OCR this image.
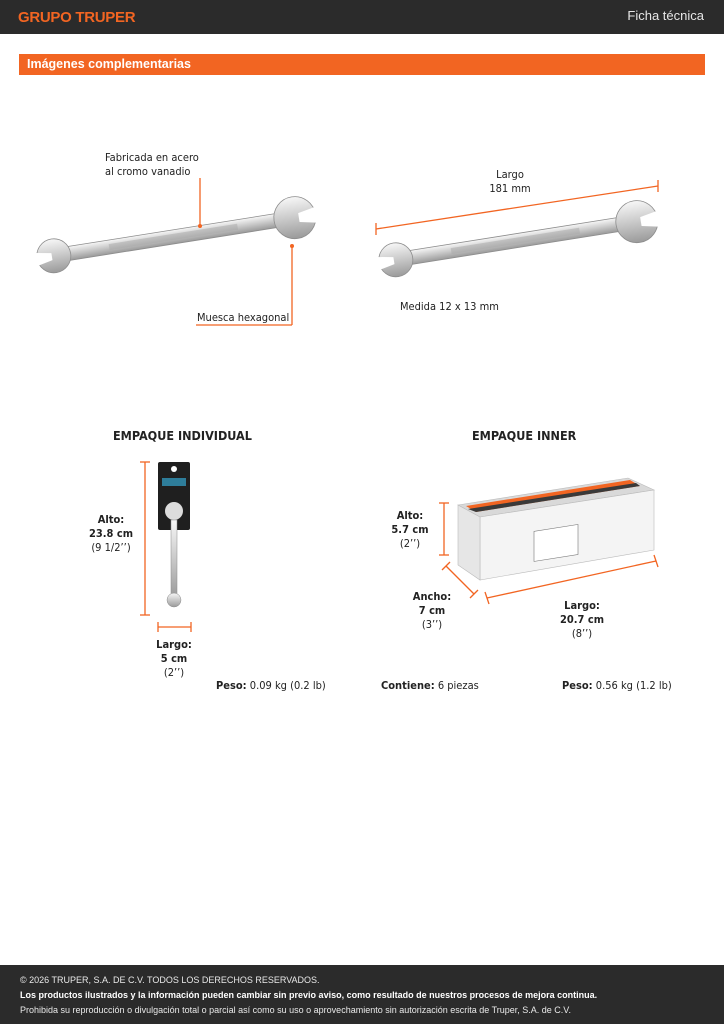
GRUPO TRUPER	Ficha técnica
Imágenes complementarias
Fabricada en acero
al cromo vanadio
Muesca hexagonal
Largo
181 mm
Medida 12 x 13 mm
EMPAQUE INDIVIDUAL
Alto:
23.8 cm
(9 1/2’’)
Largo:
5 cm
(2’’)
Peso: 0.09 kg (0.2 lb)
EMPAQUE INNER
Alto:
5.7 cm
(2’’)
Ancho:
7 cm
(3’’)
Largo:
20.7 cm
(8’’)
Contiene: 6 piezas	Peso: 0.56 kg (1.2 lb)
© 2026 TRUPER, S.A. DE C.V. TODOS LOS DERECHOS RESERVADOS.
Los productos ilustrados y la información pueden cambiar sin previo aviso, como resultado de nuestros procesos de mejora continua.
Prohibida su reproducción o divulgación total o parcial así como su uso o aprovechamiento sin autorización escrita de Truper, S.A. de C.V.
